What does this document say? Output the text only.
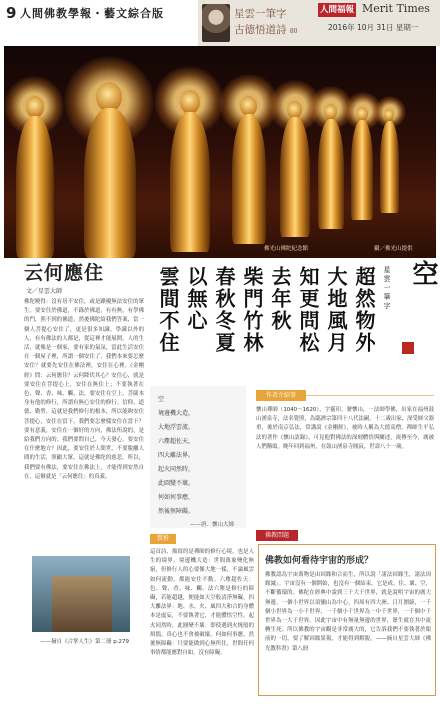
9 人間佛教學報・藝文綜合版	星雲一筆字
古德悟道詩 80
人間福報 Merit Times
2016年 10月 31日 星期一
佛光山佛陀紀念館　　　　　　　　　　　　攝／佛光山提供
云何應住
文／星雲大師
佛陀曉得：沒有居不安住，或是躁擾無法安住的眾生。要安住於佛道，不錄於佛道，有有無，有學佛的門，照不到的佛道。然後佛陀給我們答案，當一個人菩提心安住了，更是很多知識、學識以外的人，有有佛法的人都是，從這裡才能展開。人的生活，就像是一個家，要有家的氣氛，當此生活安住在一個屋子裡，所謂一個安住了，我們本來要怎麼安住？就要先安住在佛法裡，安住在心裡。《金剛經》問：云何應住？云何降伏其心？安住心，就是要安住在菩提心上，安住在無住上；不要執著在色、聲、香、味、觸、法，要安住在空上。菩薩本身有他的修行，所謂有無心安住的修行。信仰、道德、勤勞，這就是我們修行的根本，所以能夠安住菩提心，安住在當下。我們要怎麼樣安住在當下？要有意義，安住在一個好的方向，佛法所說的，是給我們方向的。我們要問自己，今天發心，要安住在什麼地方？因此，要安住於人間世，不要脫離人間的生活，照顧大眾，這就是佛陀的慈悲。所以，我們要有佛法，要安住在佛法上，才能得到安然自在，這個就是「云何應住」的真義。
——摘自《合掌人生》第二冊 p.279
空
星雲一筆字
超然物外
大地風月
知更問松
去年秋
柴門竹林
春秋冬夏
以無心
雲間不住
空
境邊機大造，
大地浮雲流。
六塵超佐天，
四大離法界。
起火同然時，
此圓變不壞。
何如何事應，
然後無障礙。
——唐．懷山大師
作者介紹事
懷山禪師（1040～1620），字靈印，號懷山，一法師學佛，出家在福州鼓山湧泉寺，法名覺照，為臨濟宗第四十八代法嗣。十二歲出家，深受師父器重，後於南京弘法，常講說《金剛經》，被時人稱為大德高僧。禪師生平弘法的著作《懷山語錄》，可見他對佛法的深刻體悟與闡述，流傳至今，廣被人們稱頌。晚年回到福州，在鼓山湧泉寺圓寂，世壽八十一歲。
賞析
這首詩，描寫的是禪師的修行心境，也是人生的境界。境邊機大造：世間萬象變化無窮，但修行人的心要像大地一樣，不論風雲如何流動，都能安住不動。六塵超佐天：色、聲、香、味、觸、法六塵是修行的障礙，若能超越，便能如天空般清淨無礙。四大離法界：地、水、火、風四大和合的身體本是虛妄，不要執著它，才能體悟空性。起火同然時，此圓變不壞：即使遇到火燒般的煩惱，真心也不會被破壞。何如何事應，然後無障礙：只要能做到心無所住，世間任何事情都能應對自如，沒有障礙。
佛教問題
佛教如何看待宇宙的形成？
佛教認為宇宙萬物是由因緣和合而生，所以說「諸法因緣生，諸法因緣滅」。宇宙沒有一個開始，也沒有一個結束，它是成、住、壞、空，不斷循環的。佛陀在經典中說到三千大千世界，就是說明宇宙的廣大無邊。一個小世界以須彌山為中心，四周有四大洲、日月圍繞，一千個小世界為一小千世界，一千個小千世界為一中千世界，一千個中千世界為一大千世界。因此宇宙中有無量無邊的世界，眾生就在其中流轉生死。所以佛教的宇宙觀是非常廣大的，它告訴我們不要執著於眼前的一切，要了解因緣果報，才能得到解脫。——摘自星雲大師《佛光教科書》第八冊
